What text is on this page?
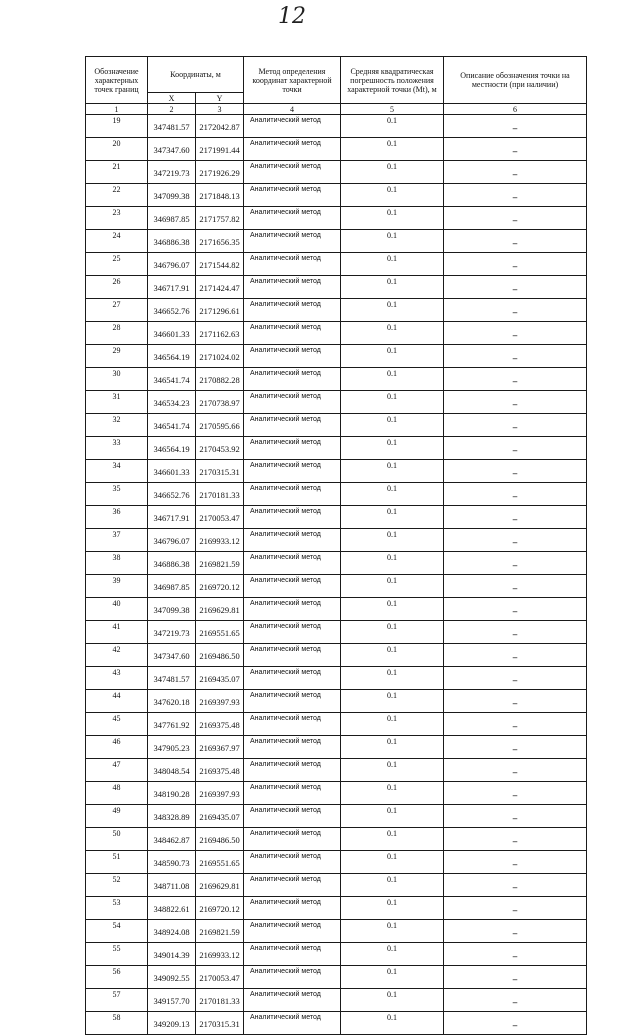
12
Обозначение характерных точек границ	Координаты, м		Метод определения координат характерной точки	Средняя квадратическая погрешность положения характерной точки (Mt), м	Описание обозначения точки на местности (при наличии)
	X	Y			
1	2	3	4	5	6
19	347481.57	2172042.87	Аналитический метод	0.1	–
20	347347.60	2171991.44	Аналитический метод	0.1	–
21	347219.73	2171926.29	Аналитический метод	0.1	–
22	347099.38	2171848.13	Аналитический метод	0.1	–
23	346987.85	2171757.82	Аналитический метод	0.1	–
24	346886.38	2171656.35	Аналитический метод	0.1	–
25	346796.07	2171544.82	Аналитический метод	0.1	–
26	346717.91	2171424.47	Аналитический метод	0.1	–
27	346652.76	2171296.61	Аналитический метод	0.1	–
28	346601.33	2171162.63	Аналитический метод	0.1	–
29	346564.19	2171024.02	Аналитический метод	0.1	–
30	346541.74	2170882.28	Аналитический метод	0.1	–
31	346534.23	2170738.97	Аналитический метод	0.1	–
32	346541.74	2170595.66	Аналитический метод	0.1	–
33	346564.19	2170453.92	Аналитический метод	0.1	–
34	346601.33	2170315.31	Аналитический метод	0.1	–
35	346652.76	2170181.33	Аналитический метод	0.1	–
36	346717.91	2170053.47	Аналитический метод	0.1	–
37	346796.07	2169933.12	Аналитический метод	0.1	–
38	346886.38	2169821.59	Аналитический метод	0.1	–
39	346987.85	2169720.12	Аналитический метод	0.1	–
40	347099.38	2169629.81	Аналитический метод	0.1	–
41	347219.73	2169551.65	Аналитический метод	0.1	–
42	347347.60	2169486.50	Аналитический метод	0.1	–
43	347481.57	2169435.07	Аналитический метод	0.1	–
44	347620.18	2169397.93	Аналитический метод	0.1	–
45	347761.92	2169375.48	Аналитический метод	0.1	–
46	347905.23	2169367.97	Аналитический метод	0.1	–
47	348048.54	2169375.48	Аналитический метод	0.1	–
48	348190.28	2169397.93	Аналитический метод	0.1	–
49	348328.89	2169435.07	Аналитический метод	0.1	–
50	348462.87	2169486.50	Аналитический метод	0.1	–
51	348590.73	2169551.65	Аналитический метод	0.1	–
52	348711.08	2169629.81	Аналитический метод	0.1	–
53	348822.61	2169720.12	Аналитический метод	0.1	–
54	348924.08	2169821.59	Аналитический метод	0.1	–
55	349014.39	2169933.12	Аналитический метод	0.1	–
56	349092.55	2170053.47	Аналитический метод	0.1	–
57	349157.70	2170181.33	Аналитический метод	0.1	–
58	349209.13	2170315.31	Аналитический метод	0.1	–
